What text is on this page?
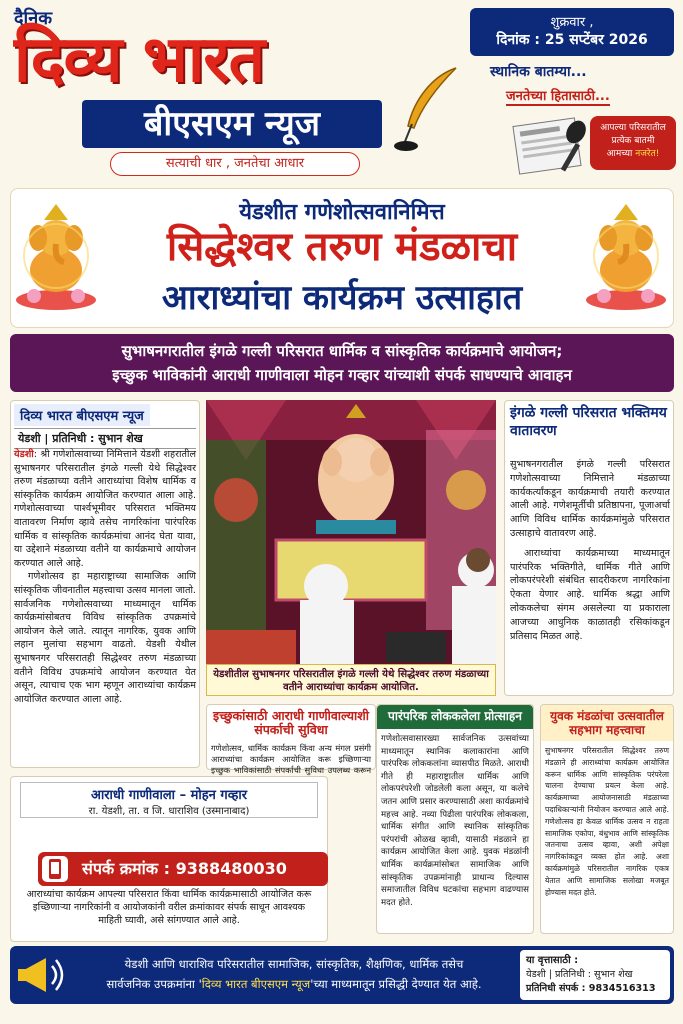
दैनिक
दिव्य भारत
बीएसएम न्यूज
सत्याची धार , जनतेचा आधार
शुक्रवार ,
दिनांक : 25 सप्टेंबर 2026
स्थानिक बातम्या...
जनतेच्या हितासाठी...
आपल्या परिसरातील
प्रत्येक बातमी
आमच्या नजरेत!
येडशीत गणेशोत्सवानिमित्त
सिद्धेश्वर तरुण मंडळाचा
आराध्यांचा कार्यक्रम उत्साहात
सुभाषनगरातील इंगळे गल्ली परिसरात धार्मिक व सांस्कृतिक कार्यक्रमाचे आयोजन;
इच्छुक भाविकांनी आराधी गाणीवाला मोहन गव्हार यांच्याशी संपर्क साधण्याचे आवाहन
दिव्य भारत बीएसएम न्यूज
येडशी | प्रतिनिधी : सुभान शेख

येडशी: श्री गणेशोत्सवाच्या निमित्ताने येडशी शहरातील सुभाषनगर परिसरातील इंगळे गल्ली येथे सिद्धेश्वर तरुण मंडळाच्या वतीने आराध्यांचा विशेष धार्मिक व सांस्कृतिक कार्यक्रम आयोजित करण्यात आला आहे. गणेशोत्सवाच्या पार्श्वभूमीवर परिसरात भक्तिमय वातावरण निर्माण व्हावे तसेच नागरिकांना पारंपरिक धार्मिक व सांस्कृतिक कार्यक्रमांचा आनंद घेता यावा, या उद्देशाने मंडळाच्या वतीने या कार्यक्रमाचे आयोजन करण्यात आले आहे.

गणेशोत्सव हा महाराष्ट्राच्या सामाजिक आणि सांस्कृतिक जीवनातील महत्त्वाचा उत्सव मानला जातो. सार्वजनिक गणेशोत्सवाच्या माध्यमातून धार्मिक कार्यक्रमांसोबतच विविध सांस्कृतिक उपक्रमांचे आयोजन केले जाते. त्यातून नागरिक, युवक आणि लहान मुलांचा सहभाग वाढतो. येडशी येथील सुभाषनगर परिसरातही सिद्धेश्वर तरुण मंडळाच्या वतीने विविध उपक्रमांचे आयोजन करण्यात येत असून, त्याचाच एक भाग म्हणून आराध्यांचा कार्यक्रम आयोजित करण्यात आला आहे.

येडशीतील सुभाषनगर परिसरातील इंगळे गल्ली येथे सिद्धेश्वर तरुण मंडळाच्या वतीने आराध्यांचा कार्यक्रम आयोजित.
इंगळे गल्ली परिसरात भक्तिमय वातावरण

सुभाषनगरातील इंगळे गल्ली परिसरात गणेशोत्सवाच्या निमित्ताने मंडळाच्या कार्यकर्त्यांकडून कार्यक्रमाची तयारी करण्यात आली आहे. गणेशमूर्तीची प्रतिष्ठापना, पूजाअर्चा आणि विविध धार्मिक कार्यक्रमांमुळे परिसरात उत्साहाचे वातावरण आहे.

आराध्यांचा कार्यक्रमाच्या माध्यमातून पारंपरिक भक्तिगीते, धार्मिक गीते आणि लोकपरंपरेशी संबंधित सादरीकरण नागरिकांना ऐकता येणार आहे. धार्मिक श्रद्धा आणि लोककलेचा संगम असलेल्या या प्रकाराला आजच्या आधुनिक काळातही रसिकांकडून प्रतिसाद मिळत आहे.

इच्छुकांसाठी आराधी गाणीवाल्याशी संपर्काची सुविधा
गणेशोत्सव, धार्मिक कार्यक्रम किंवा अन्य मंगल प्रसंगी आराध्यांचा कार्यक्रम आयोजित करू इच्छिणाऱ्या इच्छुक भाविकांसाठी संपर्काची सुविधा उपलब्ध करून
पारंपरिक लोककलेला प्रोत्साहन
गणेशोत्सवासारख्या सार्वजनिक उत्सवांच्या माध्यमातून स्थानिक कलाकारांना आणि पारंपरिक लोककलांना व्यासपीठ मिळते. आराधी गीते ही महाराष्ट्रातील धार्मिक आणि लोकपरंपरेशी जोडलेली कला असून, या कलेचे जतन आणि प्रसार करण्यासाठी अशा कार्यक्रमांचे महत्त्व आहे. नव्या पिढीला पारंपरिक लोककला, धार्मिक संगीत आणि स्थानिक सांस्कृतिक परंपरांची ओळख व्हावी, यासाठी मंडळाने हा कार्यक्रम आयोजित केला आहे. युवक मंडळांनी धार्मिक कार्यक्रमांसोबत सामाजिक आणि सांस्कृतिक उपक्रमांनाही प्राधान्य दिल्यास समाजातील विविध घटकांचा सहभाग वाढण्यास मदत होते.
युवक मंडळांचा उत्सवातील सहभाग महत्त्वाचा
सुभाषनगर परिसरातील सिद्धेश्वर तरुण मंडळाने ही आराध्यांचा कार्यक्रम आयोजित करून धार्मिक आणि सांस्कृतिक परंपरेला चालना देण्याचा प्रयत्न केला आहे. कार्यक्रमाच्या आयोजनासाठी मंडळाच्या पदाधिकाऱ्यांनी नियोजन करण्यात आले आहे. गणेशोत्सव हा केवळ धार्मिक उत्सव न राहता सामाजिक एकोपा, बंधुभाव आणि सांस्कृतिक जतनाचा उत्सव व्हावा, अशी अपेक्षा नागरिकांकडून व्यक्त होत आहे. अशा कार्यक्रमांमुळे परिसरातील नागरिक एकत्र येतात आणि सामाजिक सलोखा मजबूत होण्यास मदत होते.
आराधी गाणीवाला – मोहन गव्हार
रा. येडशी, ता. व जि. धाराशिव (उस्मानाबाद)
संपर्क क्रमांक : 9388480030
आराध्यांचा कार्यक्रम आपल्या परिसरात किंवा धार्मिक कार्यक्रमासाठी आयोजित करू इच्छिणाऱ्या नागरिकांनी व आयोजकांनी वरील क्रमांकावर संपर्क साधून आवश्यक माहिती घ्यावी, असे सांगण्यात आले आहे.
येडशी आणि धाराशिव परिसरातील सामाजिक, सांस्कृतिक, शैक्षणिक, धार्मिक तसेच
सार्वजनिक उपक्रमांना 'दिव्य भारत बीएसएम न्यूज'च्या माध्यमातून प्रसिद्धी देण्यात येत आहे.
या वृत्तासाठी :
येडशी | प्रतिनिधी : सुभान शेख
प्रतिनिधी संपर्क : 9834516313
